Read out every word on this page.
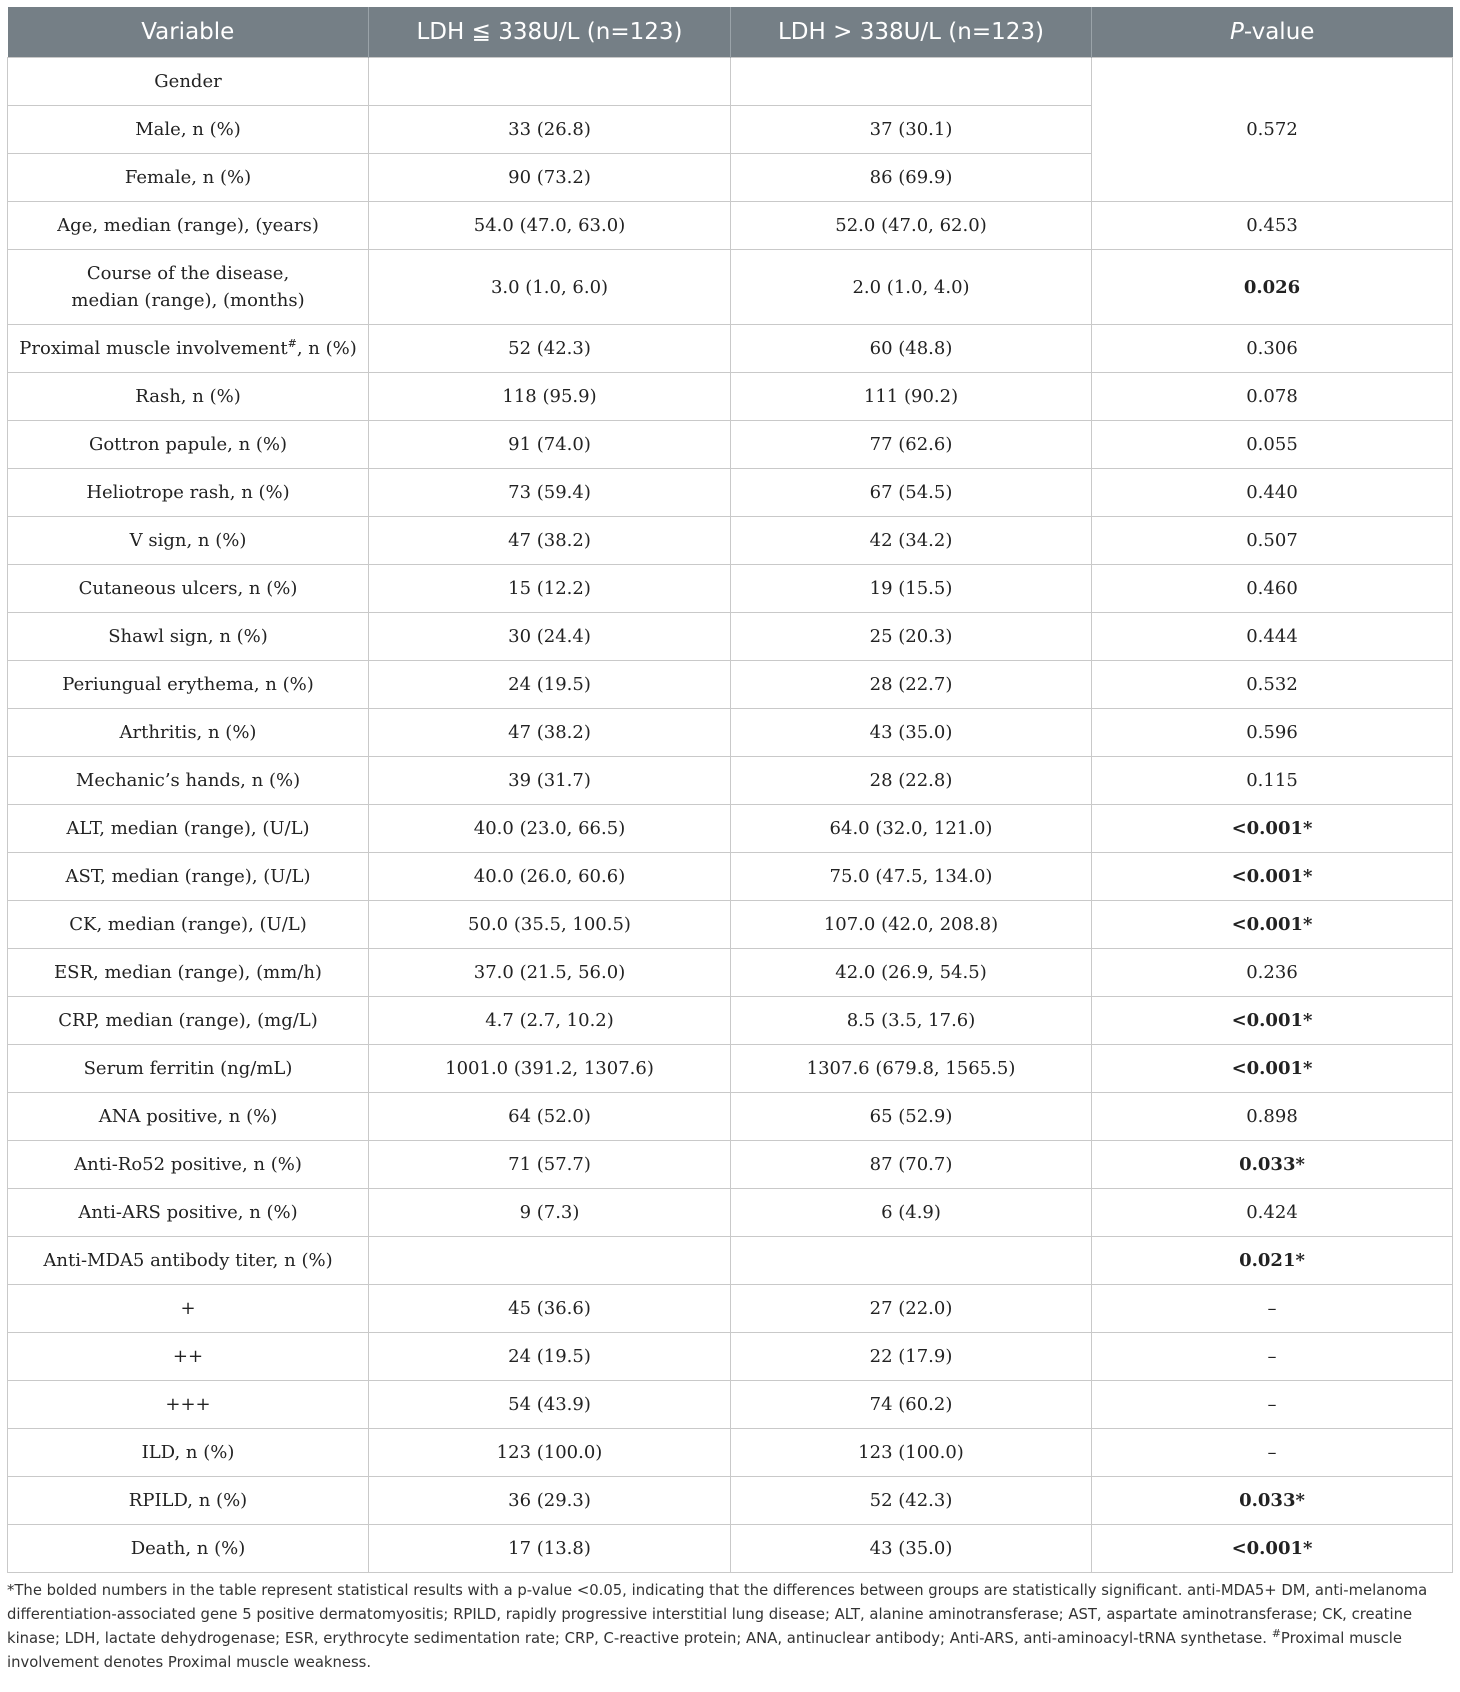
Variable	LDH ≦ 338U/L (n=123)	LDH > 338U/L (n=123)	P-value
Gender			0.572
Male, n (%)	33 (26.8)	37 (30.1)	
Female, n (%)	90 (73.2)	86 (69.9)	
Age, median (range), (years)	54.0 (47.0, 63.0)	52.0 (47.0, 62.0)	0.453
Course of the disease,
median (range), (months)	3.0 (1.0, 6.0)	2.0 (1.0, 4.0)	0.026
Proximal muscle involvement#, n (%)	52 (42.3)	60 (48.8)	0.306
Rash, n (%)	118 (95.9)	111 (90.2)	0.078
Gottron papule, n (%)	91 (74.0)	77 (62.6)	0.055
Heliotrope rash, n (%)	73 (59.4)	67 (54.5)	0.440
V sign, n (%)	47 (38.2)	42 (34.2)	0.507
Cutaneous ulcers, n (%)	15 (12.2)	19 (15.5)	0.460
Shawl sign, n (%)	30 (24.4)	25 (20.3)	0.444
Periungual erythema, n (%)	24 (19.5)	28 (22.7)	0.532
Arthritis, n (%)	47 (38.2)	43 (35.0)	0.596
Mechanic’s hands, n (%)	39 (31.7)	28 (22.8)	0.115
ALT, median (range), (U/L)	40.0 (23.0, 66.5)	64.0 (32.0, 121.0)	<0.001*
AST, median (range), (U/L)	40.0 (26.0, 60.6)	75.0 (47.5, 134.0)	<0.001*
CK, median (range), (U/L)	50.0 (35.5, 100.5)	107.0 (42.0, 208.8)	<0.001*
ESR, median (range), (mm/h)	37.0 (21.5, 56.0)	42.0 (26.9, 54.5)	0.236
CRP, median (range), (mg/L)	4.7 (2.7, 10.2)	8.5 (3.5, 17.6)	<0.001*
Serum ferritin (ng/mL)	1001.0 (391.2, 1307.6)	1307.6 (679.8, 1565.5)	<0.001*
ANA positive, n (%)	64 (52.0)	65 (52.9)	0.898
Anti-Ro52 positive, n (%)	71 (57.7)	87 (70.7)	0.033*
Anti-ARS positive, n (%)	9 (7.3)	6 (4.9)	0.424
Anti-MDA5 antibody titer, n (%)			0.021*
+	45 (36.6)	27 (22.0)	–
++	24 (19.5)	22 (17.9)	–
+++	54 (43.9)	74 (60.2)	–
ILD, n (%)	123 (100.0)	123 (100.0)	–
RPILD, n (%)	36 (29.3)	52 (42.3)	0.033*
Death, n (%)	17 (13.8)	43 (35.0)	<0.001*
*The bolded numbers in the table represent statistical results with a p-value <0.05, indicating that the differences between groups are statistically significant. anti-MDA5+ DM, anti-melanoma differentiation-associated gene 5 positive dermatomyositis; RPILD, rapidly progressive interstitial lung disease; ALT, alanine aminotransferase; AST, aspartate aminotransferase; CK, creatine kinase; LDH, lactate dehydrogenase; ESR, erythrocyte sedimentation rate; CRP, C-reactive protein; ANA, antinuclear antibody; Anti-ARS, anti-aminoacyl-tRNA synthetase. #Proximal muscle involvement denotes Proximal muscle weakness.
